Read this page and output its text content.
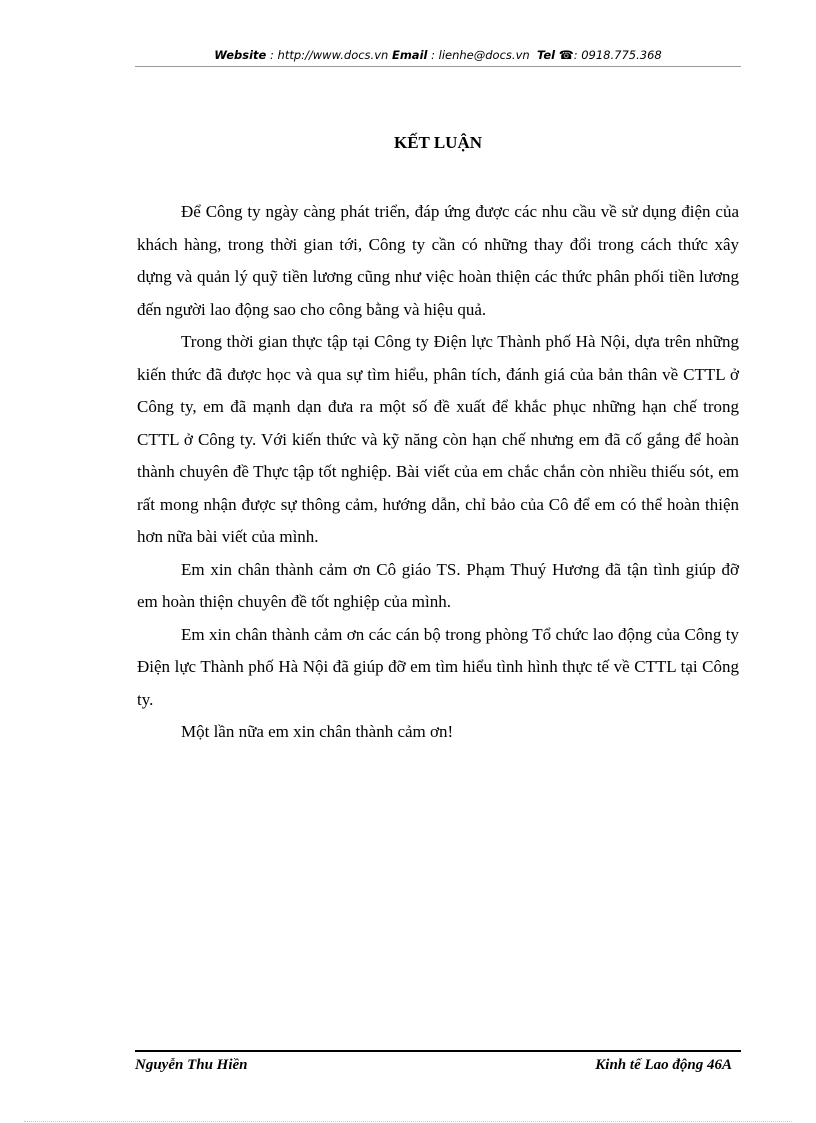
Website : http://www.docs.vn Email : lienhe@docs.vn Tel ☎: 0918.775.368
KẾT LUẬN

Để Công ty ngày càng phát triển, đáp ứng được các nhu cầu về sử dụng điện của khách hàng, trong thời gian tới, Công ty cần có những thay đổi trong cách thức xây dựng và quản lý quỹ tiền lương cũng như việc hoàn thiện các thức phân phối tiền lương đến người lao động sao cho công bằng và hiệu quả.

Trong thời gian thực tập tại Công ty Điện lực Thành phố Hà Nội, dựa trên những kiến thức đã được học và qua sự tìm hiểu, phân tích, đánh giá của bản thân về CTTL ở Công ty, em đã mạnh dạn đưa ra một số đề xuất để khắc phục những hạn chế trong CTTL ở Công ty. Với kiến thức và kỹ năng còn hạn chế nhưng em đã cố gắng để hoàn thành chuyên đề Thực tập tốt nghiệp. Bài viết của em chắc chắn còn nhiều thiếu sót, em rất mong nhận được sự thông cảm, hướng dẫn, chỉ bảo của Cô để em có thể hoàn thiện hơn nữa bài viết của mình.

Em xin chân thành cảm ơn Cô giáo TS. Phạm Thuý Hương đã tận tình giúp đỡ em hoàn thiện chuyên đề tốt nghiệp của mình.

Em xin chân thành cảm ơn các cán bộ trong phòng Tổ chức lao động của Công ty Điện lực Thành phố Hà Nội đã giúp đỡ em tìm hiểu tình hình thực tế về CTTL tại Công ty.

Một lần nữa em xin chân thành cảm ơn!

Nguyễn Thu Hiền	Kinh tế Lao động 46A
